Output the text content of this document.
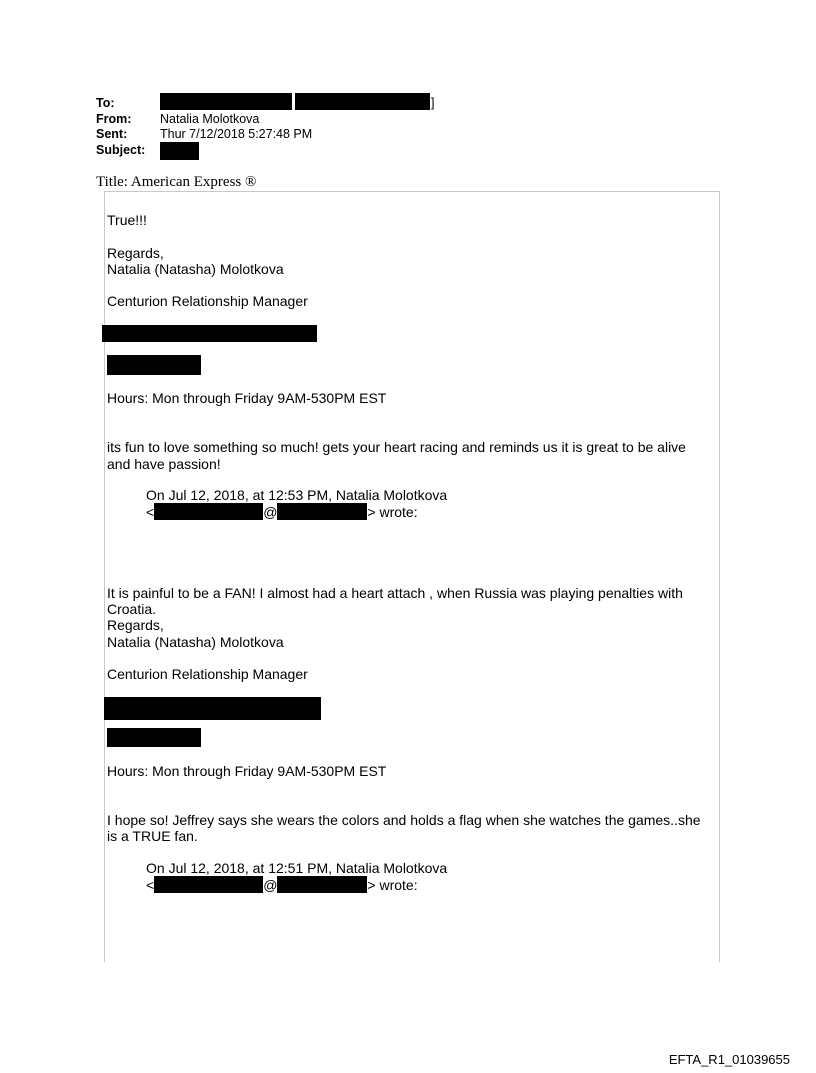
To:	]
From:	Natalia Molotkova
Sent:	Thur 7/12/2018 5:27:48 PM
Subject:
Title: American Express ®
True!!!
Regards,
Natalia (Natasha) Molotkova
Centurion Relationship Manager
Hours: Mon through Friday 9AM-530PM EST
its fun to love something so much! gets your heart racing and reminds us it is great to be alive
and have passion!
On Jul 12, 2018, at 12:53 PM, Natalia Molotkova
<	@	> wrote:
It is painful to be a FAN! I almost had a heart attach , when Russia was playing penalties with
Croatia.
Regards,
Natalia (Natasha) Molotkova
Centurion Relationship Manager
Hours: Mon through Friday 9AM-530PM EST
I hope so! Jeffrey says she wears the colors and holds a flag when she watches the games..she
is a TRUE fan.
On Jul 12, 2018, at 12:51 PM, Natalia Molotkova
<	@	> wrote:
EFTA_R1_01039655
